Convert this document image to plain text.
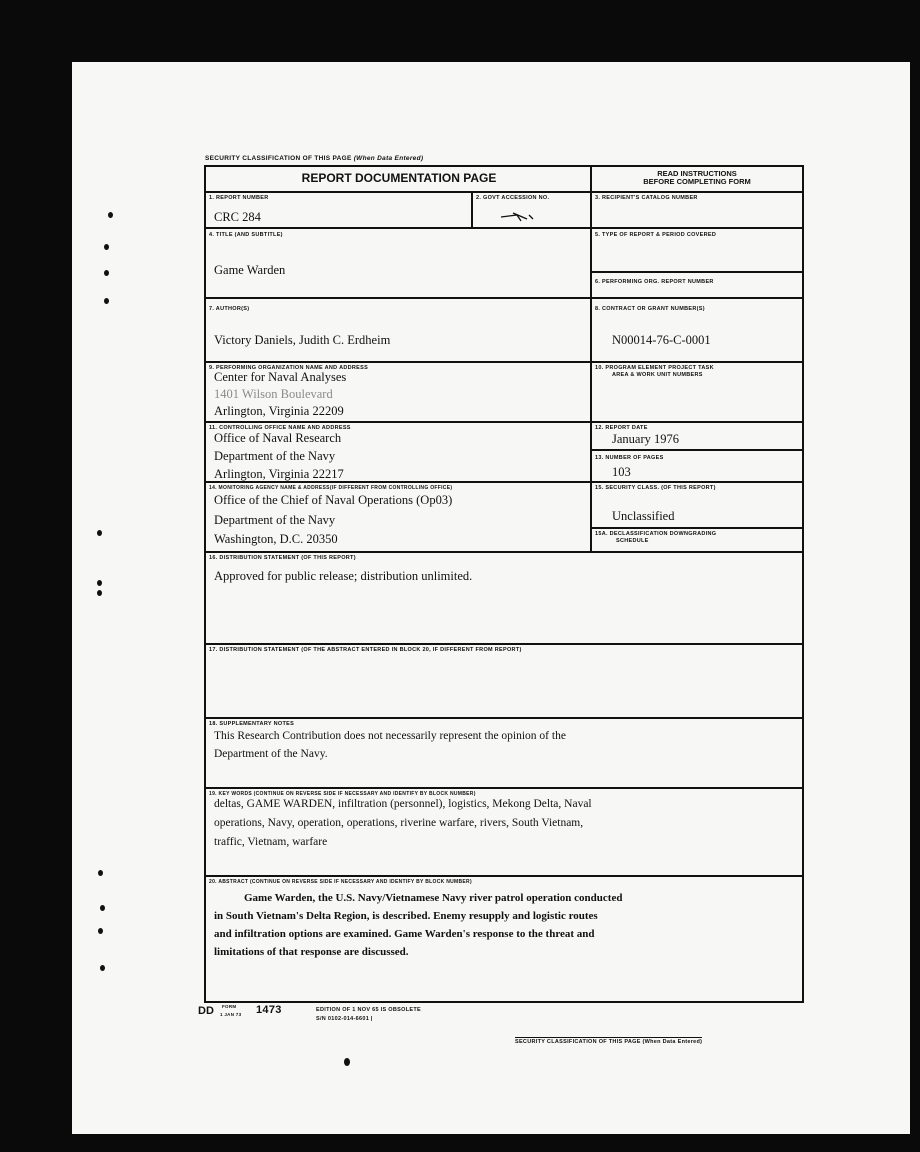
SECURITY CLASSIFICATION OF THIS PAGE (When Data Entered)
REPORT DOCUMENTATION PAGE	READ INSTRUCTIONS
BEFORE COMPLETING FORM
1. REPORT NUMBER
CRC 284
2. GOVT ACCESSION NO.	3. RECIPIENT'S CATALOG NUMBER
4. TITLE (AND SUBTITLE)
Game Warden
5. TYPE OF REPORT & PERIOD COVERED
6. PERFORMING ORG. REPORT NUMBER
7. AUTHOR(S)
Victory Daniels, Judith C. Erdheim
8. CONTRACT OR GRANT NUMBER(S)
N00014-76-C-0001
9. PERFORMING ORGANIZATION NAME AND ADDRESS
Center for Naval Analyses
1401 Wilson Boulevard
Arlington, Virginia 22209
10. PROGRAM ELEMENT PROJECT TASK
AREA & WORK UNIT NUMBERS
11. CONTROLLING OFFICE NAME AND ADDRESS
Office of Naval Research
Department of the Navy
Arlington, Virginia 22217
12. REPORT DATE
January 1976
13. NUMBER OF PAGES
103
14. MONITORING AGENCY NAME & ADDRESS(IF DIFFERENT FROM CONTROLLING OFFICE)
Office of the Chief of Naval Operations (Op03)
Department of the Navy
Washington, D.C. 20350
15. SECURITY CLASS. (OF THIS REPORT)
Unclassified
15A. DECLASSIFICATION DOWNGRADING
SCHEDULE
16. DISTRIBUTION STATEMENT (OF THIS REPORT)
Approved for public release; distribution unlimited.
17. DISTRIBUTION STATEMENT (OF THE ABSTRACT ENTERED IN BLOCK 20, IF DIFFERENT FROM REPORT)
18. SUPPLEMENTARY NOTES
This Research Contribution does not necessarily represent the opinion of the
Department of the Navy.
19. KEY WORDS (CONTINUE ON REVERSE SIDE IF NECESSARY AND IDENTIFY BY BLOCK NUMBER)
deltas, GAME WARDEN, infiltration (personnel), logistics, Mekong Delta, Naval
operations, Navy, operation, operations, riverine warfare, rivers, South Vietnam,
traffic, Vietnam, warfare
20. ABSTRACT (CONTINUE ON REVERSE SIDE IF NECESSARY AND IDENTIFY BY BLOCK NUMBER)
Game Warden, the U.S. Navy/Vietnamese Navy river patrol operation conducted
in South Vietnam's Delta Region, is described. Enemy resupply and logistic routes
and infiltration options are examined. Game Warden's response to the threat and
limitations of that response are discussed.
DD FORM
1 JAN 73 1473	EDITION OF 1 NOV 65 IS OBSOLETE
S/N 0102-014-6601 |
SECURITY CLASSIFICATION OF THIS PAGE (When Data Entered)
